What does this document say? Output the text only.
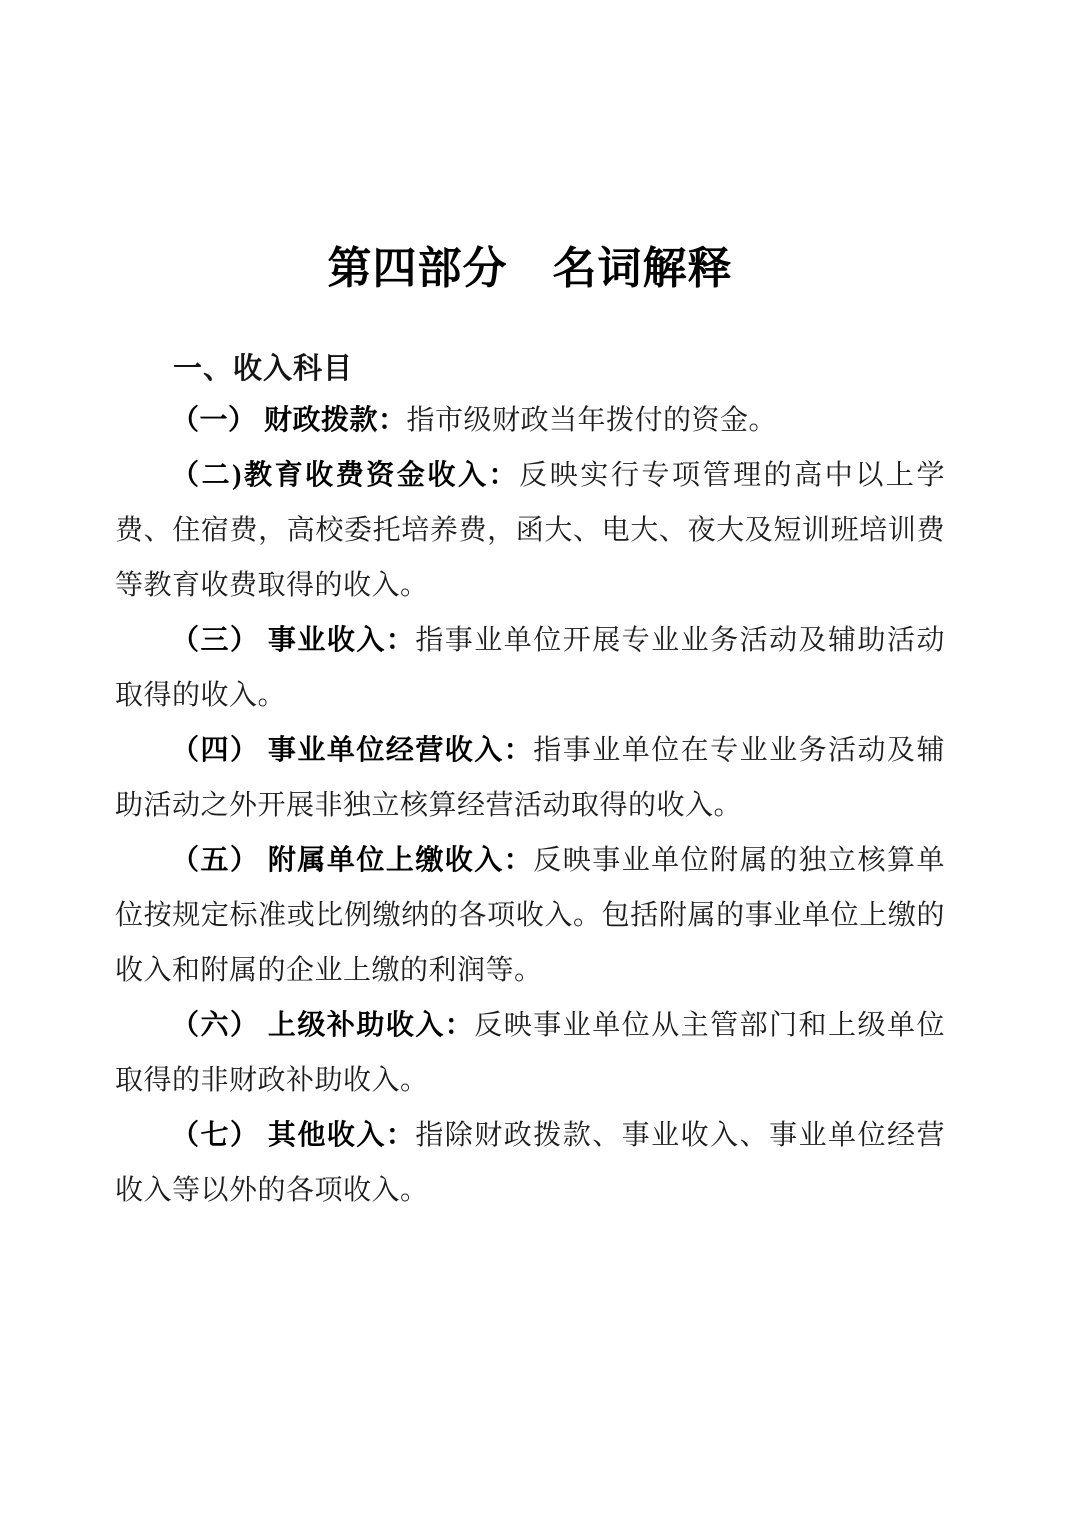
第四部分　名词解释
一、收入科目

（一） 财政拨款：指市级财政当年拨付的资金。

（二)教育收费资金收入：反映实行专项管理的高中以上学费、住宿费，高校委托培养费，函大、电大、夜大及短训班培训费等教育收费取得的收入。

（三） 事业收入：指事业单位开展专业业务活动及辅助活动取得的收入。

（四） 事业单位经营收入：指事业单位在专业业务活动及辅助活动之外开展非独立核算经营活动取得的收入。

（五） 附属单位上缴收入：反映事业单位附属的独立核算单位按规定标准或比例缴纳的各项收入。包括附属的事业单位上缴的收入和附属的企业上缴的利润等。

（六） 上级补助收入：反映事业单位从主管部门和上级单位取得的非财政补助收入。

（七） 其他收入：指除财政拨款、事业收入、事业单位经营收入等以外的各项收入。
